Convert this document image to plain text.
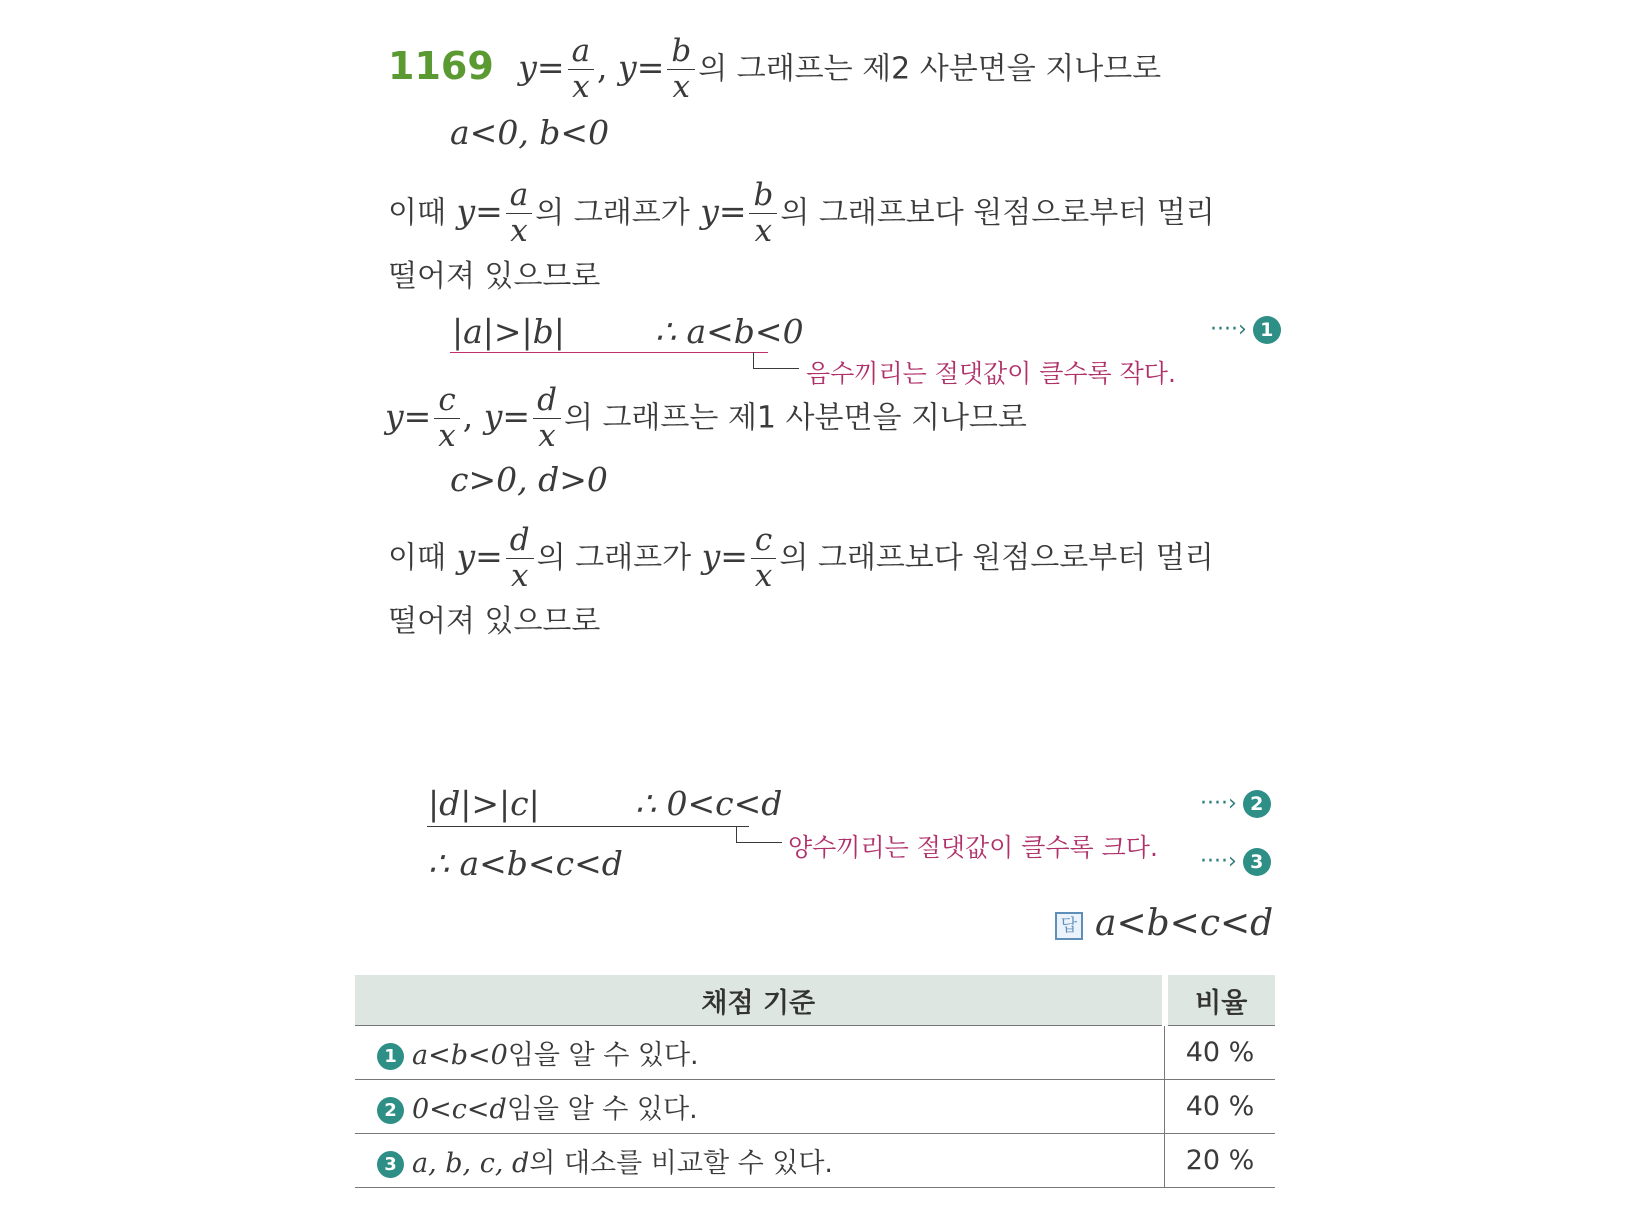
1169 $y= \frac{a}{x}$ , $y= \frac{b}{x}$ 의 그래프는 제2 사분면을 지나므로
a<0, b<0
이때 $y= \frac{a}{x}$ 의 그래프가 $y= \frac{b}{x}$ 의 그래프보다 원점으로부터 멀리
떨어져 있으므로
|a|>|b|	∴ a<b<0
음수끼리는 절댓값이 클수록 작다.
····› 1
$y= \frac{c}{x}$ , $y= \frac{d}{x}$ 의 그래프는 제1 사분면을 지나므로
c>0, d>0
이때 $y= \frac{d}{x}$ 의 그래프가 $y= \frac{c}{x}$ 의 그래프보다 원점으로부터 멀리
떨어져 있으므로
|d|>|c|	∴ 0<c<d
양수끼리는 절댓값이 클수록 크다.
····› 2
∴ a<b<c<d	····› 3
답 a<b<c<d
채점 기준	비율
1 a<b<0임을 알 수 있다.	40 %
2 0<c<d임을 알 수 있다.	40 %
3 a, b, c, d의 대소를 비교할 수 있다.	20 %
